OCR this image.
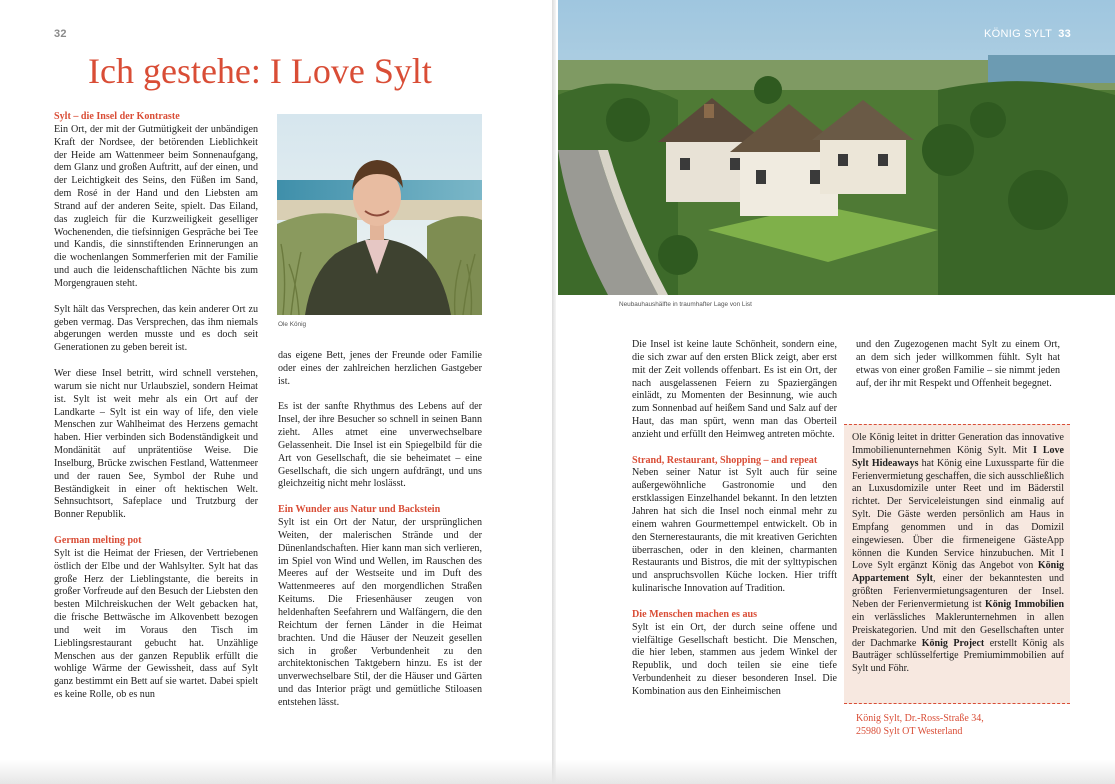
32
Ich gestehe: I Love Sylt
Sylt – die Insel der Kontraste

Ein Ort, der mit der Gutmütigkeit der unbändigen Kraft der Nordsee, der betörenden Lieblichkeit der Heide am Wattenmeer beim Sonnenaufgang, dem Glanz und großen Auftritt, auf der einen, und der Leichtigkeit des Seins, den Füßen im Sand, dem Rosé in der Hand und den Liebsten am Strand auf der anderen Seite, spielt. Das Eiland, das zugleich für die Kurzweiligkeit geselliger Wochenenden, die tiefsinnigen Gespräche bei Tee und Kandis, die sinnstiftenden Erinnerungen an die wochenlangen Sommerferien mit der Familie und auch die leidenschaftlichen Nächte bis zum Morgengrauen steht.

Sylt hält das Versprechen, das kein anderer Ort zu geben vermag. Das Versprechen, das ihm niemals abgerungen werden musste und es doch seit Generationen zu geben bereit ist.

Wer diese Insel betritt, wird schnell verstehen, warum sie nicht nur Urlaubsziel, sondern Heimat ist. Sylt ist weit mehr als ein Ort auf der Landkarte – Sylt ist ein way of life, den viele Menschen zur Wahlheimat des Herzens gemacht haben. Hier verbinden sich Bodenständigkeit und Mondänität auf unprätentiöse Weise. Die Inselburg, Brücke zwischen Festland, Wattenmeer und der rauen See, Symbol der Ruhe und Beständigkeit in einer oft hektischen Welt. Sehnsuchtsort, Safeplace und Trutzburg der Bonner Republik.

German melting pot

Sylt ist die Heimat der Friesen, der Vertriebenen östlich der Elbe und der Wahlsylter. Sylt hat das große Herz der Lieblingstante, die bereits in großer Vorfreude auf den Besuch der Liebsten den besten Milchreiskuchen der Welt gebacken hat, die frische Bettwäsche im Alkovenbett bezogen und weit im Voraus den Tisch im Lieblingsrestaurant gebucht hat. Unzählige Menschen aus der ganzen Republik erfüllt die wohlige Wärme der Gewissheit, dass auf Sylt ganz bestimmt ein Bett auf sie wartet. Dabei spielt es keine Rolle, ob es nun

Ole König

das eigene Bett, jenes der Freunde oder Familie oder eines der zahlreichen herzlichen Gastgeber ist.

Es ist der sanfte Rhythmus des Lebens auf der Insel, der ihre Besucher so schnell in seinen Bann zieht. Alles atmet eine unverwechselbare Gelassenheit. Die Insel ist ein Spiegelbild für die Art von Gesellschaft, die sie beheimatet – eine Gesellschaft, die sich ungern aufdrängt, und uns gleichzeitig nicht mehr loslässt.

Ein Wunder aus Natur und Backstein

Sylt ist ein Ort der Natur, der ursprünglichen Weiten, der malerischen Strände und der Dünenlandschaften. Hier kann man sich verlieren, im Spiel von Wind und Wellen, im Rauschen des Meeres auf der Westseite und im Duft des Wattenmeeres auf den morgendlichen Straßen Keitums. Die Friesenhäuser zeugen von heldenhaften Seefahrern und Walfängern, die den Reichtum der fernen Länder in die Heimat brachten. Und die Häuser der Neuzeit gesellen sich in großer Verbundenheit zu den architektonischen Taktgebern hinzu. Es ist der unverwechselbare Stil, der die Häuser und Gärten und das Interior prägt und gemütliche Stiloasen entstehen lässt.

KÖNIG SYLT 33
Neubauhaushälfte in traumhafter Lage von List

Die Insel ist keine laute Schönheit, sondern eine, die sich zwar auf den ersten Blick zeigt, aber erst mit der Zeit vollends offenbart. Es ist ein Ort, der nach ausgelassenen Feiern zu Spaziergängen einlädt, zu Momenten der Besinnung, wie auch zum Sonnenbad auf heißem Sand und Salz auf der Haut, das man spürt, wenn man das Oberteil anzieht und erfüllt den Heimweg antreten möchte.

Strand, Restaurant, Shopping – and repeat

Neben seiner Natur ist Sylt auch für seine außergewöhnliche Gastronomie und den erstklassigen Einzelhandel bekannt. In den letzten Jahren hat sich die Insel noch einmal mehr zu einem wahren Gourmettempel entwickelt. Ob in den Sternerestaurants, die mit kreativen Gerichten überraschen, oder in den kleinen, charmanten Restaurants und Bistros, die mit der sylttypischen und anspruchsvollen Küche locken. Hier trifft kulinarische Innovation auf Tradition.

Die Menschen machen es aus

Sylt ist ein Ort, der durch seine offene und vielfältige Gesellschaft besticht. Die Menschen, die hier leben, stammen aus jedem Winkel der Republik, und doch teilen sie eine tiefe Verbundenheit zu dieser besonderen Insel. Die Kombination aus den Einheimischen

und den Zugezogenen macht Sylt zu einem Ort, an dem sich jeder willkommen fühlt. Sylt hat etwas von einer großen Familie – sie nimmt jeden auf, der ihr mit Respekt und Offenheit begegnet.

Ole König leitet in dritter Generation das innovative Immobilienunternehmen König Sylt. Mit I Love Sylt Hideaways hat König eine Luxussparte für die Ferienvermietung geschaffen, die sich ausschließlich an Luxusdomizile unter Reet und im Bäderstil richtet. Der Serviceleistungen sind einmalig auf Sylt. Die Gäste werden persönlich am Haus in Empfang genommen und in das Domizil eingewiesen. Über die firmeneigene GästeApp können die Kunden Service hinzubuchen. Mit I Love Sylt ergänzt König das Angebot von König Appartement Sylt, einer der bekanntesten und größten Ferienvermietungsagenturen der Insel. Neben der Ferienvermietung ist König Immobilien ein verlässliches Maklerunternehmen in allen Preiskategorien. Und mit den Gesellschaften unter der Dachmarke König Project erstellt König als Bauträger schlüsselfertige Premiumimmobilien auf Sylt und Föhr.

König Sylt, Dr.-Ross-Straße 34,
25980 Sylt OT Westerland
